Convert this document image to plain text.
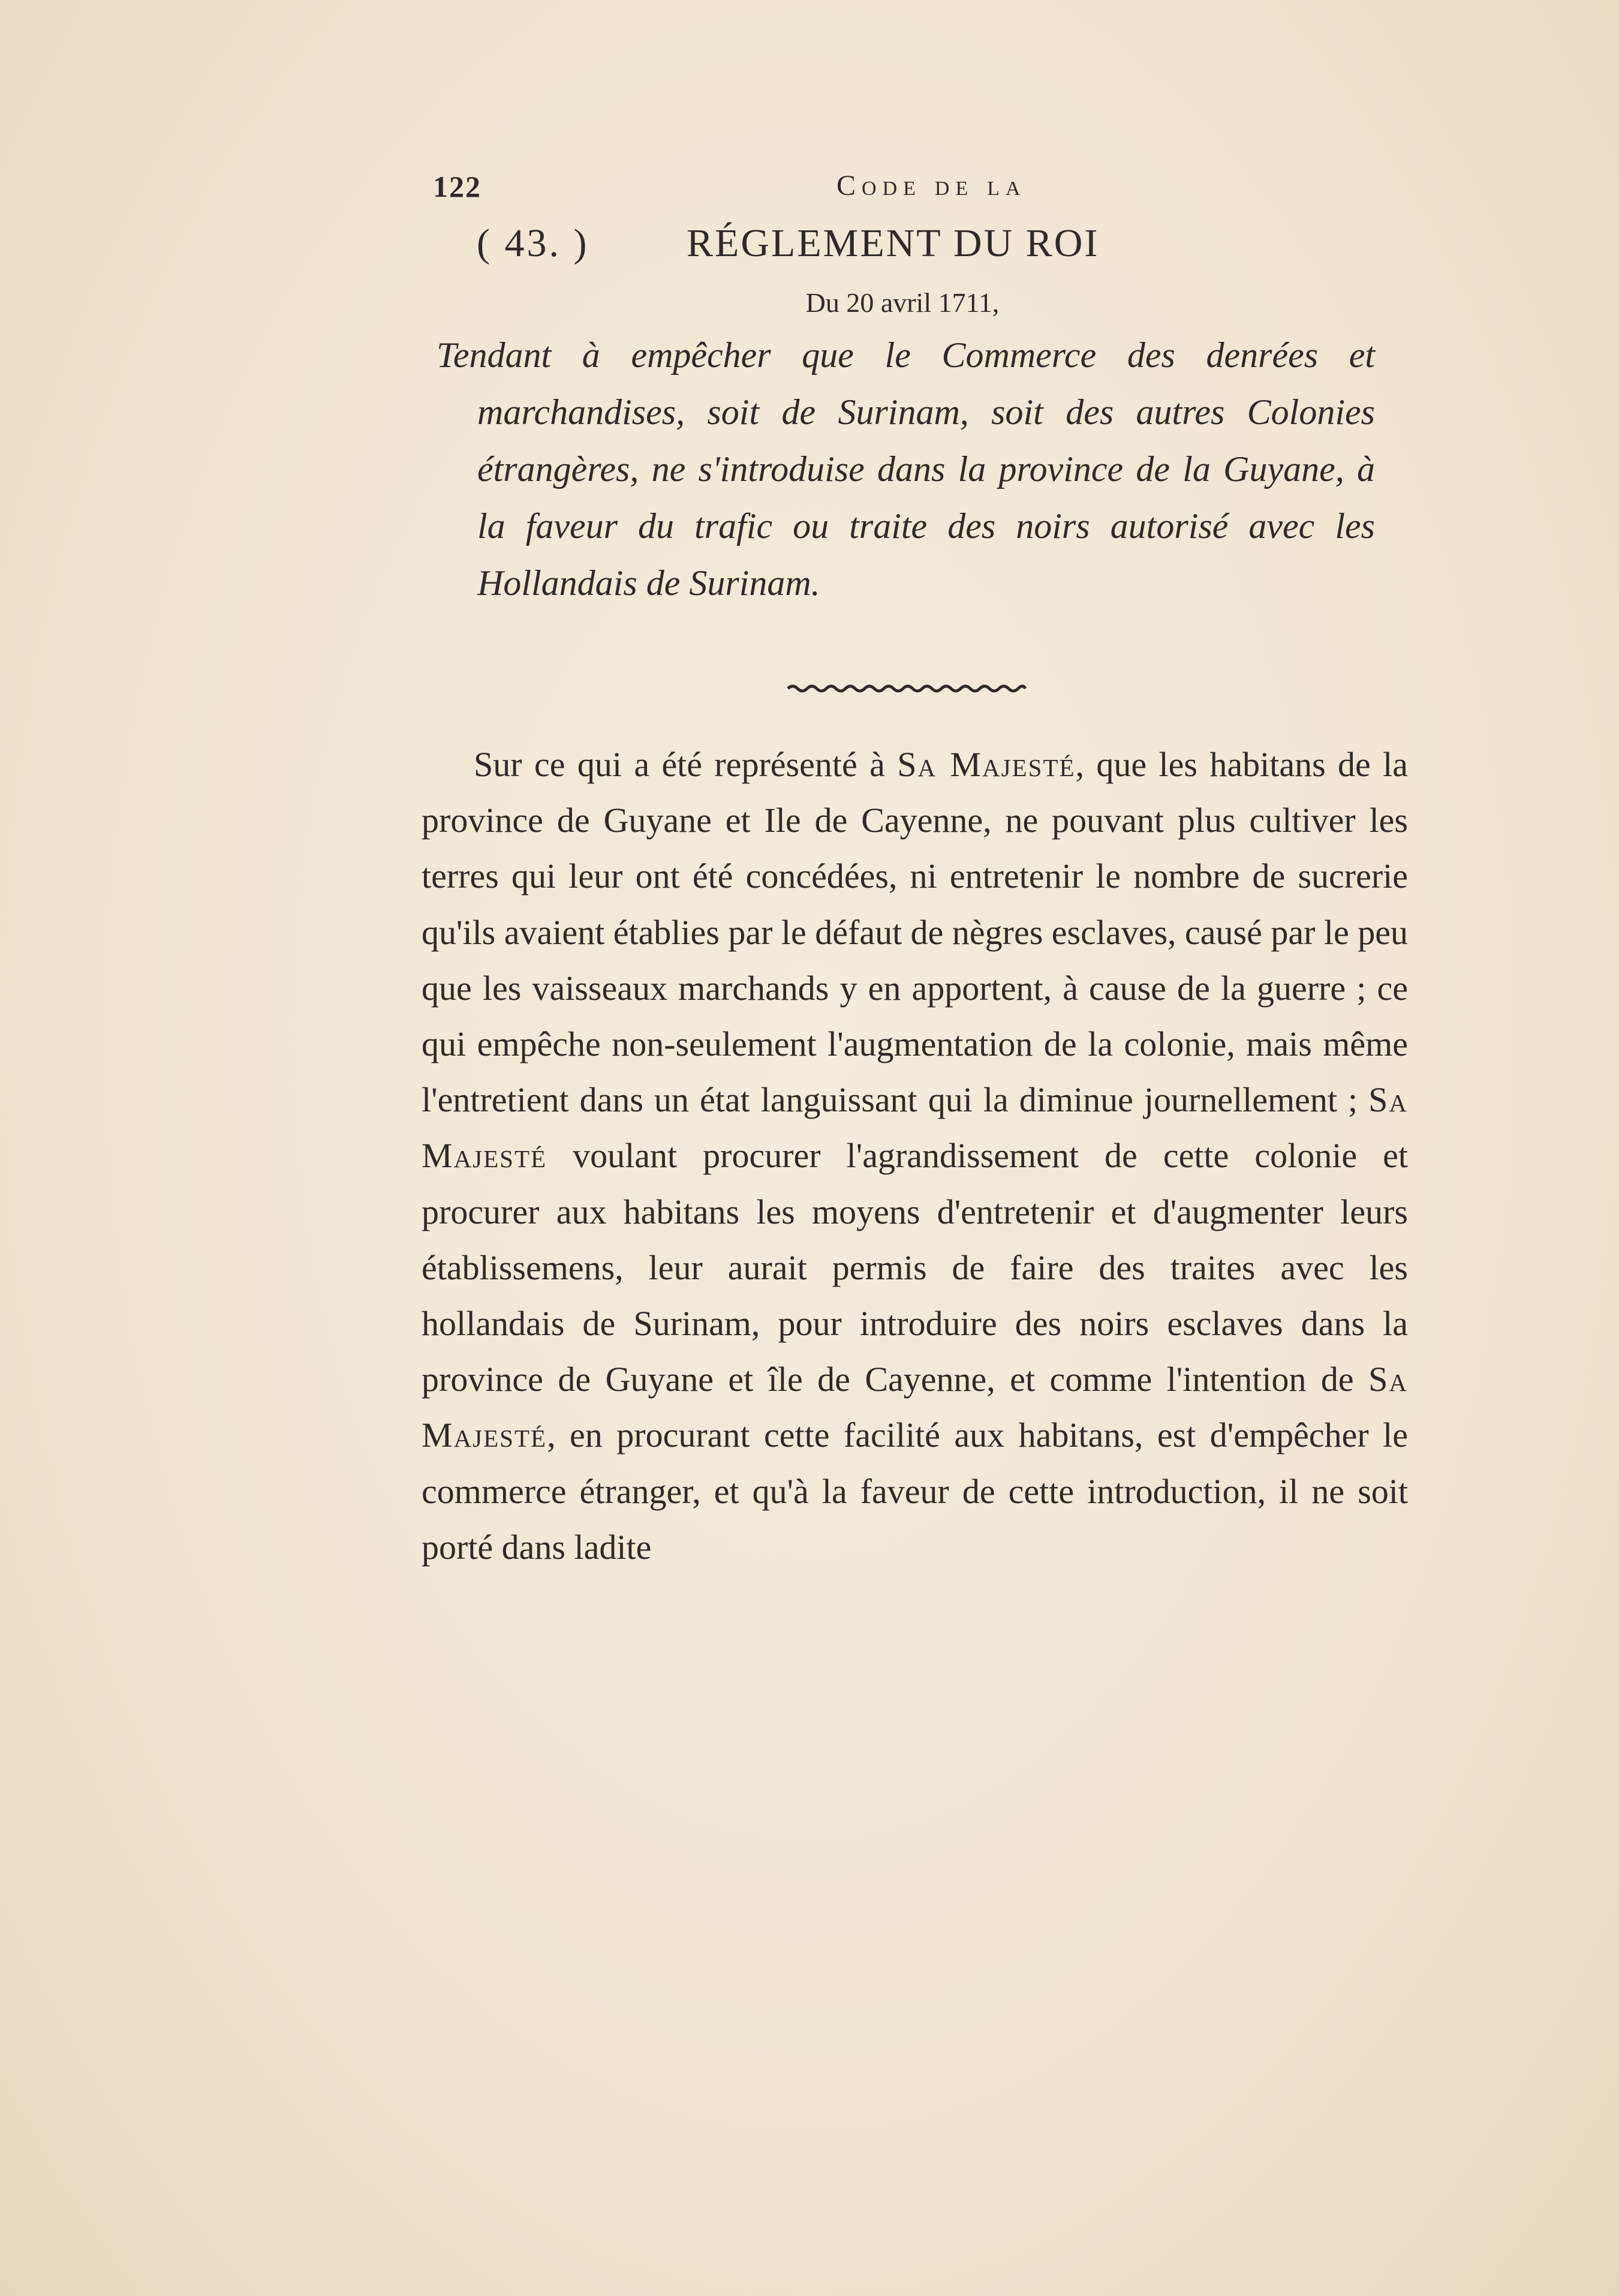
⠀
122	Code de la
( 43. ) RÉGLEMENT DU ROI
Du 20 avril 1711,
Tendant à empêcher que le Commerce des denrées et marchandises, soit de Surinam, soit des autres Colonies étrangères, ne s'introduise dans la province de la Guyane, à la faveur du trafic ou traite des noirs autorisé avec les Hollandais de Surinam.
Sur ce qui a été représenté à Sa Majesté, que les habitans de la province de Guyane et Ile de Cayenne, ne pouvant plus cultiver les terres qui leur ont été concédées, ni entretenir le nombre de sucrerie qu'ils avaient établies par le défaut de nègres esclaves, causé par le peu que les vaisseaux marchands y en apportent, à cause de la guerre ; ce qui empêche non-seulement l'augmentation de la colonie, mais même l'entretient dans un état languissant qui la diminue journellement ; Sa Majesté voulant procurer l'agrandissement de cette colonie et procurer aux habitans les moyens d'entretenir et d'augmenter leurs établissemens, leur aurait permis de faire des traites avec les hollandais de Surinam, pour introduire des noirs esclaves dans la province de Guyane et île de Cayenne, et comme l'intention de Sa Majesté, en procurant cette facilité aux habitans, est d'empêcher le commerce étranger, et qu'à la faveur de cette introduction, il ne soit porté dans ladite
